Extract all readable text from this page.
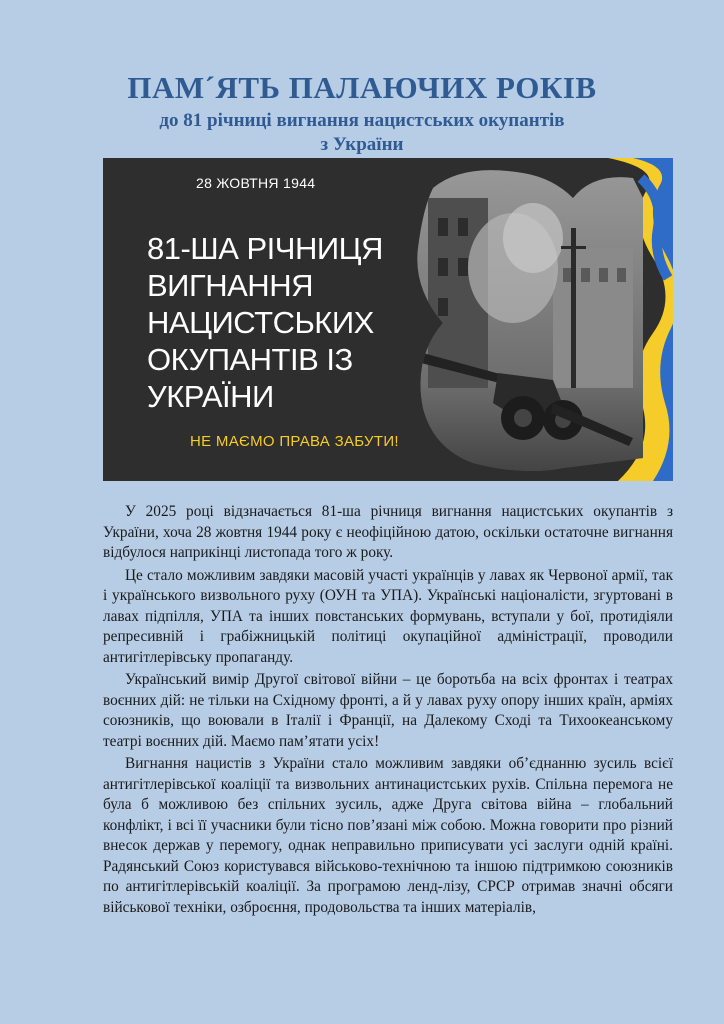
ПАМ´ЯТЬ ПАЛАЮЧИХ РОКІВ
до 81 річниці вигнання нацистських окупантів
з України
28 ЖОВТНЯ 1944
81-ША РІЧНИЦЯ
ВИГНАННЯ
НАЦИСТСЬКИХ
ОКУПАНТІВ ІЗ
УКРАЇНИ
НЕ МАЄМО ПРАВА ЗАБУТИ!

У 2025 році відзначається 81-ша річниця вигнання нацистських окупантів з України, хоча 28 жовтня 1944 року є неофіційною датою, оскільки остаточне вигнання відбулося наприкінці листопада того ж року.

Це стало можливим завдяки масовій участі українців у лавах як Червоної армії, так і українського визвольного руху (ОУН та УПА). Українські націоналісти, згуртовані в лавах підпілля, УПА та інших повстанських формувань, вступали у бої, протидіяли репресивній і грабіжницькій політиці окупаційної адміністрації, проводили антигітлерівську пропаганду.

Український вимір Другої світової війни – це боротьба на всіх фронтах і театрах воєнних дій: не тільки на Східному фронті, а й у лавах руху опору інших країн, арміях союзників, що воювали в Італії і Франції, на Далекому Сході та Тихоокеанському театрі воєнних дій. Маємо пам’ятати усіх!

Вигнання нацистів з України стало можливим завдяки об’єднанню зусиль всієї антигітлерівської коаліції та визвольних антинацистських рухів. Спільна перемога не була б можливою без спільних зусиль, адже Друга світова війна – глобальний конфлікт, і всі її учасники були тісно пов’язані між собою. Можна говорити про різний внесок держав у перемогу, однак неправильно приписувати усі заслуги одній країні. Радянський Союз користувався військово-технічною та іншою підтримкою союзників по антигітлерівській коаліції. За програмою ленд-лізу, СРСР отримав значні обсяги військової техніки, озброєння, продовольства та інших матеріалів,
